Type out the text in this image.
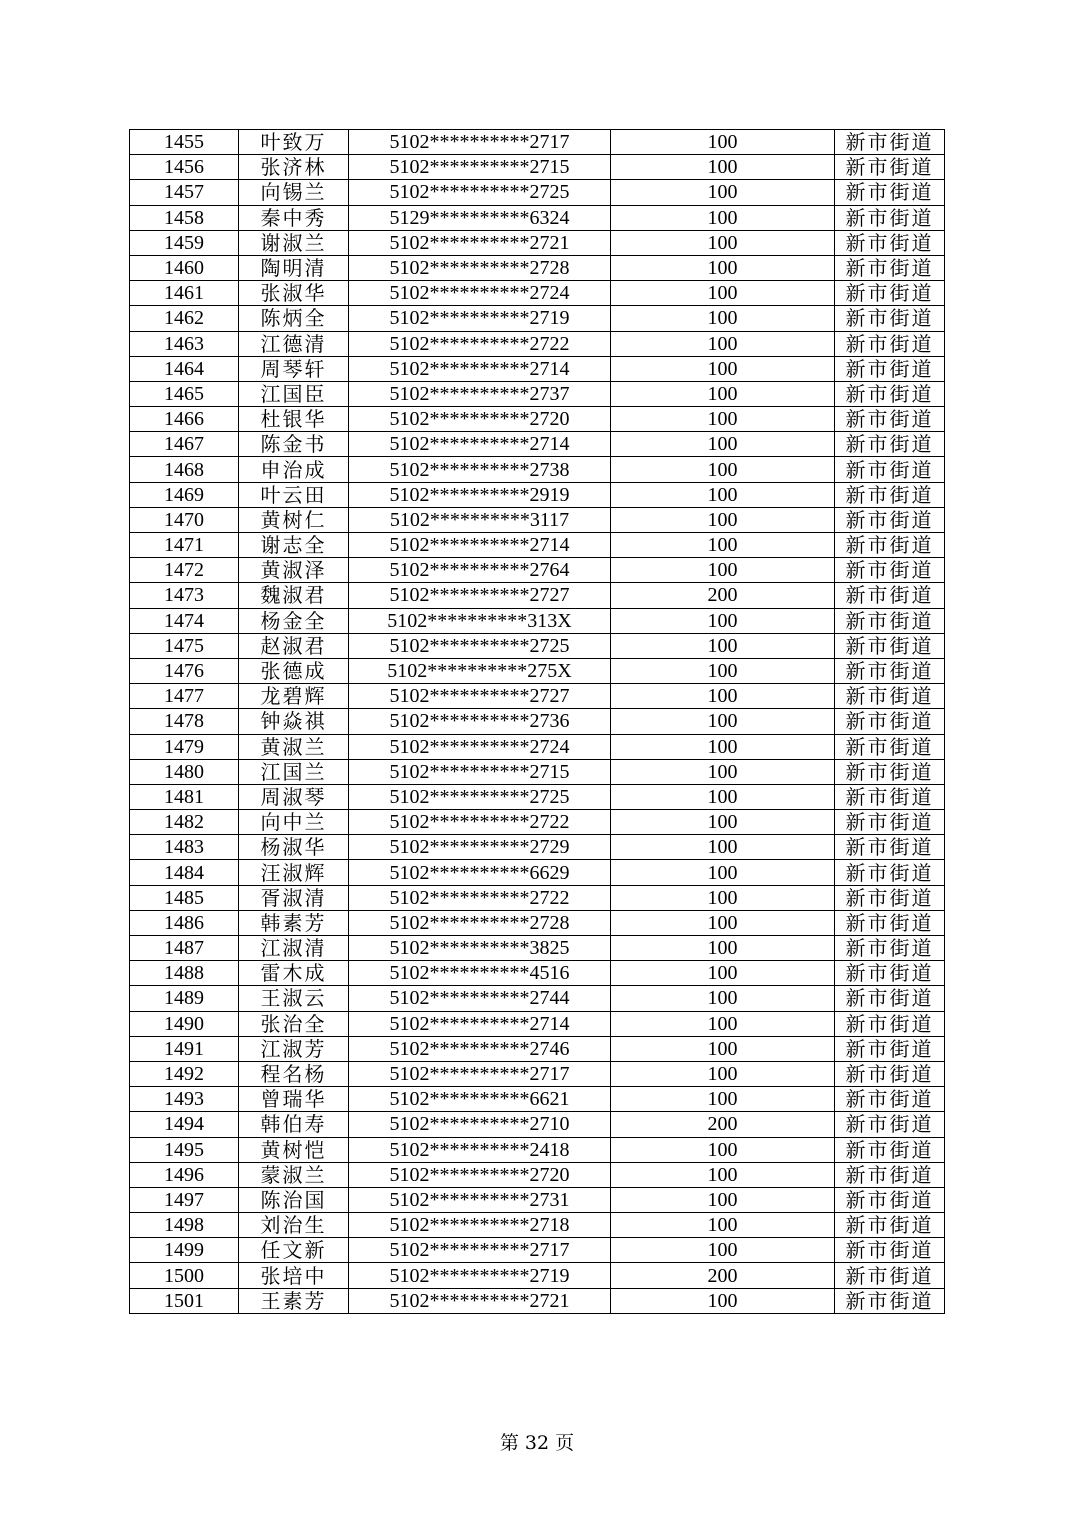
1455	叶致万	5102**********2717	100	新市街道
1456	张济林	5102**********2715	100	新市街道
1457	向锡兰	5102**********2725	100	新市街道
1458	秦中秀	5129**********6324	100	新市街道
1459	谢淑兰	5102**********2721	100	新市街道
1460	陶明清	5102**********2728	100	新市街道
1461	张淑华	5102**********2724	100	新市街道
1462	陈炳全	5102**********2719	100	新市街道
1463	江德清	5102**********2722	100	新市街道
1464	周琴轩	5102**********2714	100	新市街道
1465	江国臣	5102**********2737	100	新市街道
1466	杜银华	5102**********2720	100	新市街道
1467	陈金书	5102**********2714	100	新市街道
1468	申治成	5102**********2738	100	新市街道
1469	叶云田	5102**********2919	100	新市街道
1470	黄树仁	5102**********3117	100	新市街道
1471	谢志全	5102**********2714	100	新市街道
1472	黄淑泽	5102**********2764	100	新市街道
1473	魏淑君	5102**********2727	200	新市街道
1474	杨金全	5102**********313X	100	新市街道
1475	赵淑君	5102**********2725	100	新市街道
1476	张德成	5102**********275X	100	新市街道
1477	龙碧辉	5102**********2727	100	新市街道
1478	钟焱祺	5102**********2736	100	新市街道
1479	黄淑兰	5102**********2724	100	新市街道
1480	江国兰	5102**********2715	100	新市街道
1481	周淑琴	5102**********2725	100	新市街道
1482	向中兰	5102**********2722	100	新市街道
1483	杨淑华	5102**********2729	100	新市街道
1484	汪淑辉	5102**********6629	100	新市街道
1485	胥淑清	5102**********2722	100	新市街道
1486	韩素芳	5102**********2728	100	新市街道
1487	江淑清	5102**********3825	100	新市街道
1488	雷木成	5102**********4516	100	新市街道
1489	王淑云	5102**********2744	100	新市街道
1490	张治全	5102**********2714	100	新市街道
1491	江淑芳	5102**********2746	100	新市街道
1492	程名杨	5102**********2717	100	新市街道
1493	曾瑞华	5102**********6621	100	新市街道
1494	韩伯寿	5102**********2710	200	新市街道
1495	黄树恺	5102**********2418	100	新市街道
1496	蒙淑兰	5102**********2720	100	新市街道
1497	陈治国	5102**********2731	100	新市街道
1498	刘治生	5102**********2718	100	新市街道
1499	任文新	5102**********2717	100	新市街道
1500	张培中	5102**********2719	200	新市街道
1501	王素芳	5102**********2721	100	新市街道
第 32 页
